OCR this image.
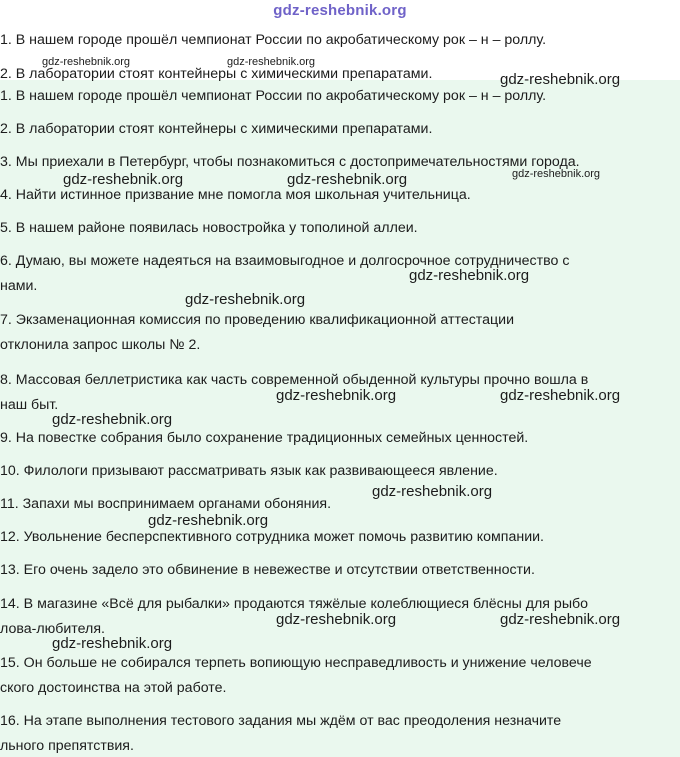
gdz-reshebnik.org
1. В нашем городе прошёл чемпионат России по акробатическому рок – н – роллу.
2. В лаборатории стоят контейнеры с химическими препаратами.
1. В нашем городе прошёл чемпионат России по акробатическому рок – н – роллу.
2. В лаборатории стоят контейнеры с химическими препаратами.
3. Мы приехали в Петербург, чтобы познакомиться с достопримечательностями города.
4. Найти истинное призвание мне помогла моя школьная учительница.
5. В нашем районе появилась новостройка у тополиной аллеи.
6. Думаю, вы можете надеяться на взаимовыгодное и долгосрочное сотрудничество с
нами.
7. Экзаменационная комиссия по проведению квалификационной аттестации
отклонила запрос школы № 2.
8. Массовая беллетристика как часть современной обыденной культуры прочно вошла в
наш быт.
9. На повестке собрания было сохранение традиционных семейных ценностей.
10. Филологи призывают рассматривать язык как развивающееся явление.
11. Запахи мы воспринимаем органами обоняния.
12. Увольнение бесперспективного сотрудника может помочь развитию компании.
13. Его очень задело это обвинение в невежестве и отсутствии ответственности.
14. В магазине «Всё для рыбалки» продаются тяжёлые колеблющиеся блёсны для рыбо
лова-любителя.
15. Он больше не собирался терпеть вопиющую несправедливость и унижение человече
ского достоинства на этой работе.
16. На этапе выполнения тестового задания мы ждём от вас преодоления незначите
льного препятствия.
gdz-reshebnik.org	gdz-reshebnik.org
gdz-reshebnik.org
gdz-reshebnik.org	gdz-reshebnik.org	gdz-reshebnik.org
gdz-reshebnik.org
gdz-reshebnik.org
gdz-reshebnik.org	gdz-reshebnik.org
gdz-reshebnik.org
gdz-reshebnik.org
gdz-reshebnik.org
gdz-reshebnik.org	gdz-reshebnik.org
gdz-reshebnik.org
